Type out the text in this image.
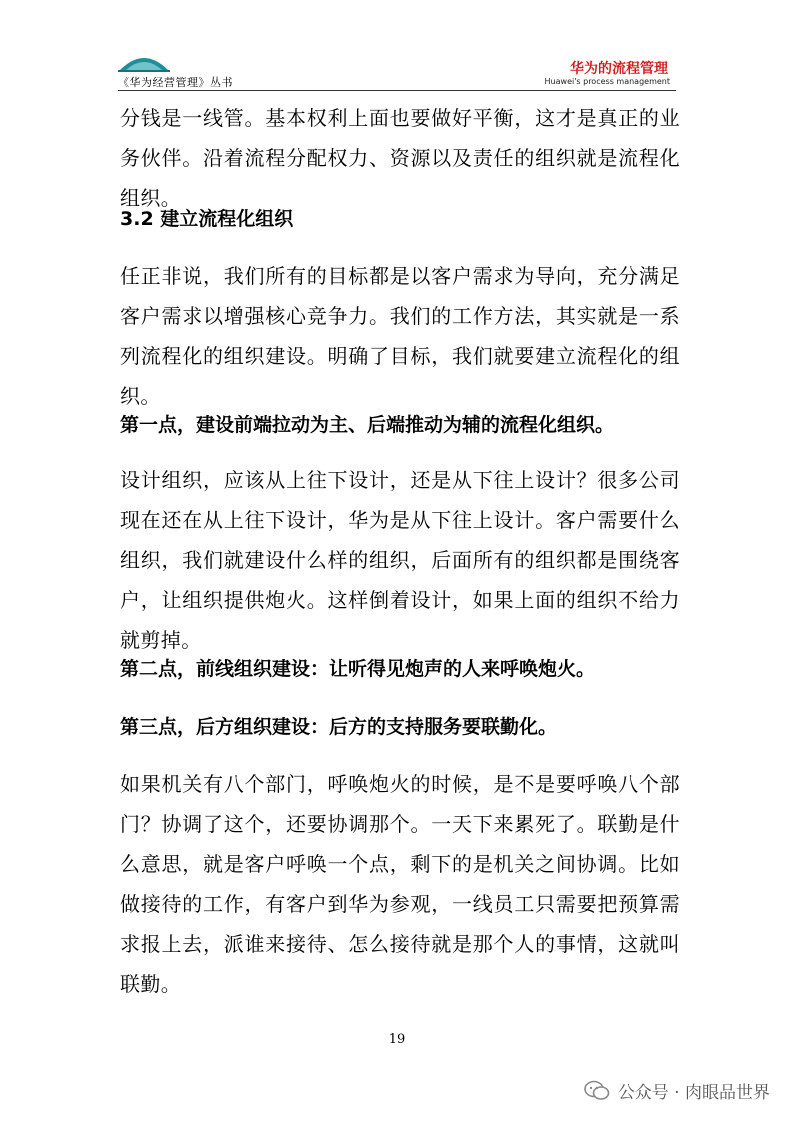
《华为经营管理》丛书
华为的流程管理
Huawei's process management

分钱是一线管。基本权利上面也要做好平衡，这才是真正的业务伙伴。沿着流程分配权力、资源以及责任的组织就是流程化组织。

3.2 建立流程化组织

任正非说，我们所有的目标都是以客户需求为导向，充分满足客户需求以增强核心竞争力。我们的工作方法，其实就是一系列流程化的组织建设。明确了目标，我们就要建立流程化的组织。

第一点，建设前端拉动为主、后端推动为辅的流程化组织。

设计组织，应该从上往下设计，还是从下往上设计？很多公司现在还在从上往下设计，华为是从下往上设计。客户需要什么组织，我们就建设什么样的组织，后面所有的组织都是围绕客户，让组织提供炮火。这样倒着设计，如果上面的组织不给力就剪掉。

第二点，前线组织建设：让听得见炮声的人来呼唤炮火。

第三点，后方组织建设：后方的支持服务要联勤化。

如果机关有八个部门，呼唤炮火的时候，是不是要呼唤八个部门？协调了这个，还要协调那个。一天下来累死了。联勤是什么意思，就是客户呼唤一个点，剩下的是机关之间协调。比如做接待的工作，有客户到华为参观，一线员工只需要把预算需求报上去，派谁来接待、怎么接待就是那个人的事情，这就叫联勤。

19
公众号 · 肉眼品世界
